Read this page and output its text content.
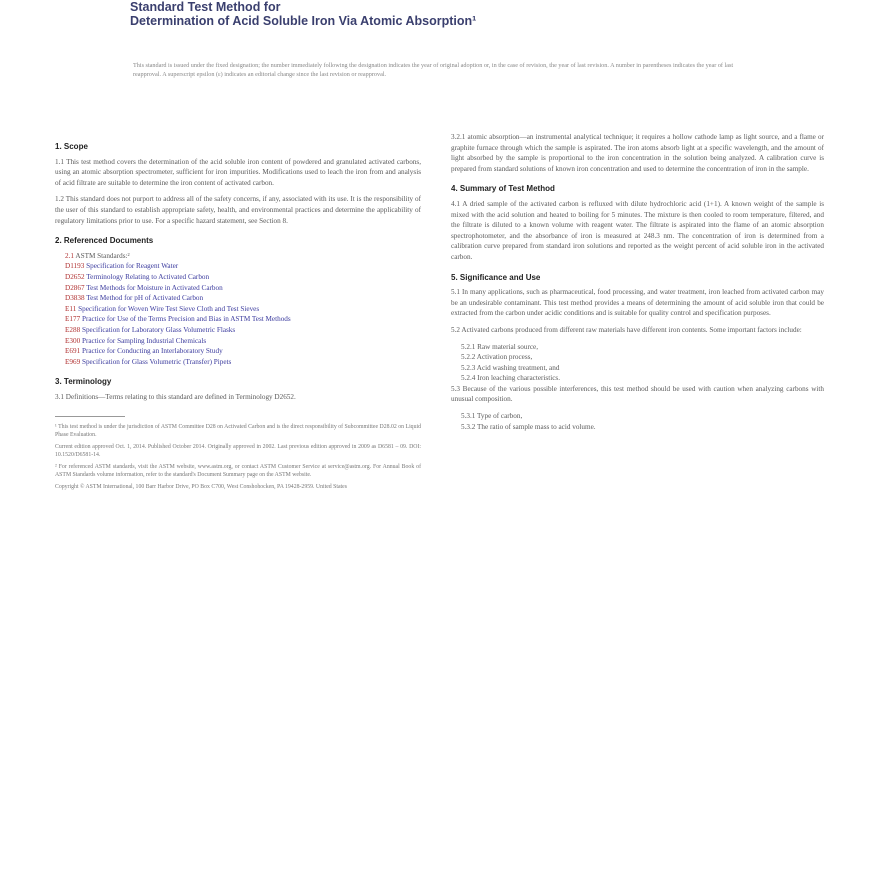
Standard Test Method for
Determination of Acid Soluble Iron Via Atomic Absorption¹
This standard is issued under the fixed designation; the number immediately following the designation indicates the year of original adoption or, in the case of revision, the year of last revision. A number in parentheses indicates the year of last reapproval. A superscript epsilon (ε) indicates an editorial change since the last revision or reapproval.
1. Scope
1.1 This test method covers the determination of the acid soluble iron content of powdered and granulated activated carbons, using an atomic absorption spectrometer, sufficient for iron impurities. Modifications used to leach the iron from and analysis of acid filtrate are suitable to determine the iron content of activated carbon.
1.2 This standard does not purport to address all of the safety concerns, if any, associated with its use. It is the responsibility of the user of this standard to establish appropriate safety, health, and environmental practices and determine the applicability of regulatory limitations prior to use. For a specific hazard statement, see Section 8.
2. Referenced Documents
2.1 ASTM Standards:²
D1193 Specification for Reagent Water
D2652 Terminology Relating to Activated Carbon
D2867 Test Methods for Moisture in Activated Carbon
D3838 Test Method for pH of Activated Carbon
E11 Specification for Woven Wire Test Sieve Cloth and Test Sieves
E177 Practice for Use of the Terms Precision and Bias in ASTM Test Methods
E288 Specification for Laboratory Glass Volumetric Flasks
E300 Practice for Sampling Industrial Chemicals
E691 Practice for Conducting an Interlaboratory Study
E969 Specification for Glass Volumetric (Transfer) Pipets
3. Terminology
3.1 Definitions—Terms relating to this standard are defined in Terminology D2652.
¹ This test method is under the jurisdiction of ASTM Committee D28 on Activated Carbon and is the direct responsibility of Subcommittee D28.02 on Liquid Phase Evaluation.
Current edition approved Oct. 1, 2014. Published October 2014. Originally approved in 2002. Last previous edition approved in 2009 as D6581 – 09. DOI: 10.1520/D6581-14.
² For referenced ASTM standards, visit the ASTM website, www.astm.org, or contact ASTM Customer Service at service@astm.org. For Annual Book of ASTM Standards volume information, refer to the standard's Document Summary page on the ASTM website.
Copyright © ASTM International, 100 Barr Harbor Drive, PO Box C700, West Conshohocken, PA 19428-2959. United States
3.2.1 atomic absorption—an instrumental analytical technique; it requires a hollow cathode lamp as light source, and a flame or graphite furnace through which the sample is aspirated. The iron atoms absorb light at a specific wavelength, and the amount of light absorbed by the sample is proportional to the iron concentration in the solution being analyzed. A calibration curve is prepared from standard solutions of known iron concentration and used to determine the concentration of iron in the sample.
4. Summary of Test Method
4.1 A dried sample of the activated carbon is refluxed with dilute hydrochloric acid (1+1). A known weight of the sample is mixed with the acid solution and heated to boiling for 5 minutes. The mixture is then cooled to room temperature, filtered, and the filtrate is diluted to a known volume with reagent water. The filtrate is aspirated into the flame of an atomic absorption spectrophotometer, and the absorbance of iron is measured at 248.3 nm. The concentration of iron is determined from a calibration curve prepared from standard iron solutions and reported as the weight percent of acid soluble iron in the activated carbon.
5. Significance and Use
5.1 In many applications, such as pharmaceutical, food processing, and water treatment, iron leached from activated carbon may be an undesirable contaminant. This test method provides a means of determining the amount of acid soluble iron that could be extracted from the carbon under acidic conditions and is suitable for quality control and specification purposes.
5.2 Activated carbons produced from different raw materials have different iron contents. Some important factors include:
5.2.1 Raw material source,
5.2.2 Activation process,
5.2.3 Acid washing treatment, and
5.2.4 Iron leaching characteristics.
5.3 Because of the various possible interferences, this test method should be used with caution when analyzing carbons with unusual composition.
5.3.1 Type of carbon,
5.3.2 The ratio of sample mass to acid volume.
